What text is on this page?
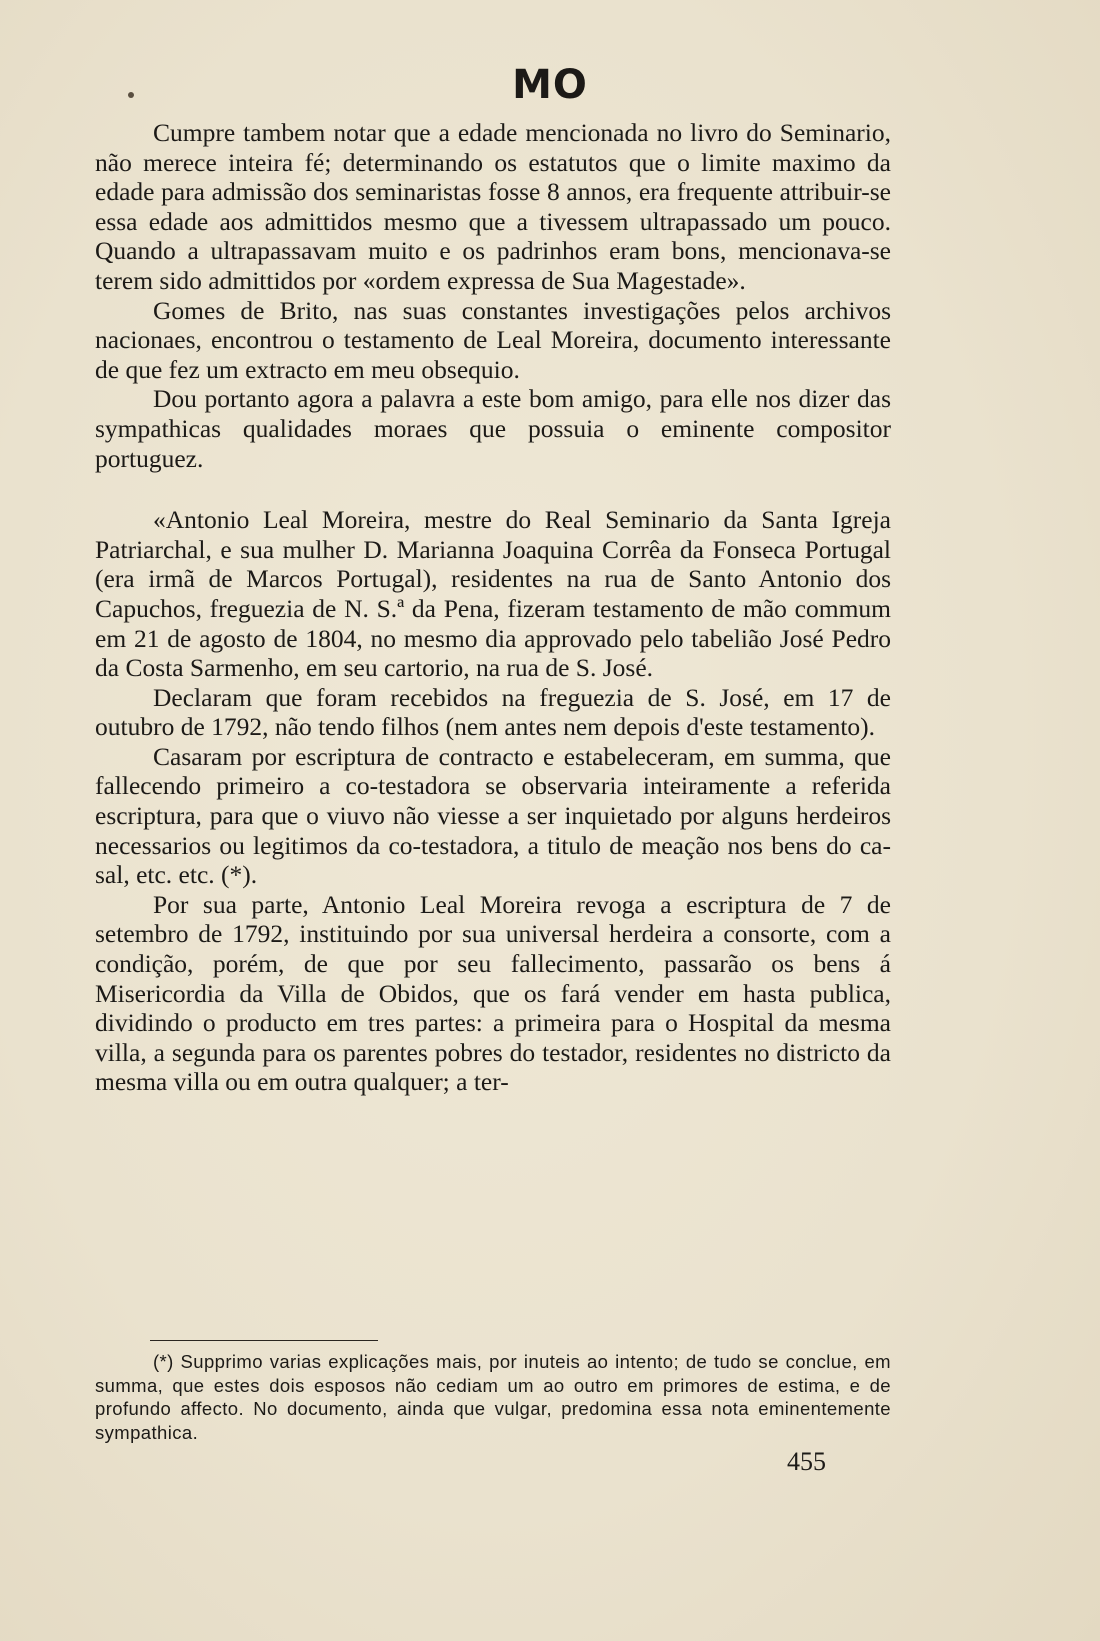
MO

Cumpre tambem notar que a edade mencionada no livro do Seminario, não merece inteira fé; determinando os estatutos que o limite maximo da edade para admissão dos seminaristas fosse 8 annos, era frequente attribuir-se essa edade aos admittidos mesmo que a tivessem ultrapassado um pouco. Quando a ultrapassavam muito e os padrinhos eram bons, mencionava-se terem sido admittidos por «ordem expressa de Sua Magestade».

Gomes de Brito, nas suas constantes investigações pelos archivos nacionaes, encontrou o testamento de Leal Moreira, documento interessante de que fez um extracto em meu obsequio.

Dou portanto agora a palavra a este bom amigo, para elle nos dizer das sympathicas qualidades moraes que possuia o eminente compositor portuguez.

«Antonio Leal Moreira, mestre do Real Seminario da Santa Igreja Patriarchal, e sua mulher D. Marianna Joaquina Corrêa da Fonseca Portugal (era irmã de Marcos Portugal), residentes na rua de Santo Antonio dos Capuchos, freguezia de N. S.ª da Pena, fizeram testamento de mão commum em 21 de agosto de 1804, no mesmo dia approvado pelo tabelião José Pedro da Costa Sarmenho, em seu cartorio, na rua de S. José.

Declaram que foram recebidos na freguezia de S. José, em 17 de outubro de 1792, não tendo filhos (nem antes nem depois d'este testamento).

Casaram por escriptura de contracto e estabeleceram, em summa, que fallecendo primeiro a co-testadora se observaria inteiramente a referida escriptura, para que o viuvo não viesse a ser inquietado por alguns herdeiros necessarios ou legitimos da co-testadora, a titulo de meação nos bens do casal, etc. etc. (*).

Por sua parte, Antonio Leal Moreira revoga a escriptura de 7 de setembro de 1792, instituindo por sua universal herdeira a consorte, com a condição, porém, de que por seu fallecimento, passarão os bens á Misericordia da Villa de Obidos, que os fará vender em hasta publica, dividindo o producto em tres partes: a primeira para o Hospital da mesma villa, a segunda para os parentes pobres do testador, residentes no districto da mesma villa ou em outra qualquer; a ter-

(*) Supprimo varias explicações mais, por inuteis ao intento; de tudo se conclue, em summa, que estes dois esposos não cediam um ao outro em primores de estima, e de profundo affecto. No documento, ainda que vulgar, predomina essa nota eminentemente sympathica.

455
